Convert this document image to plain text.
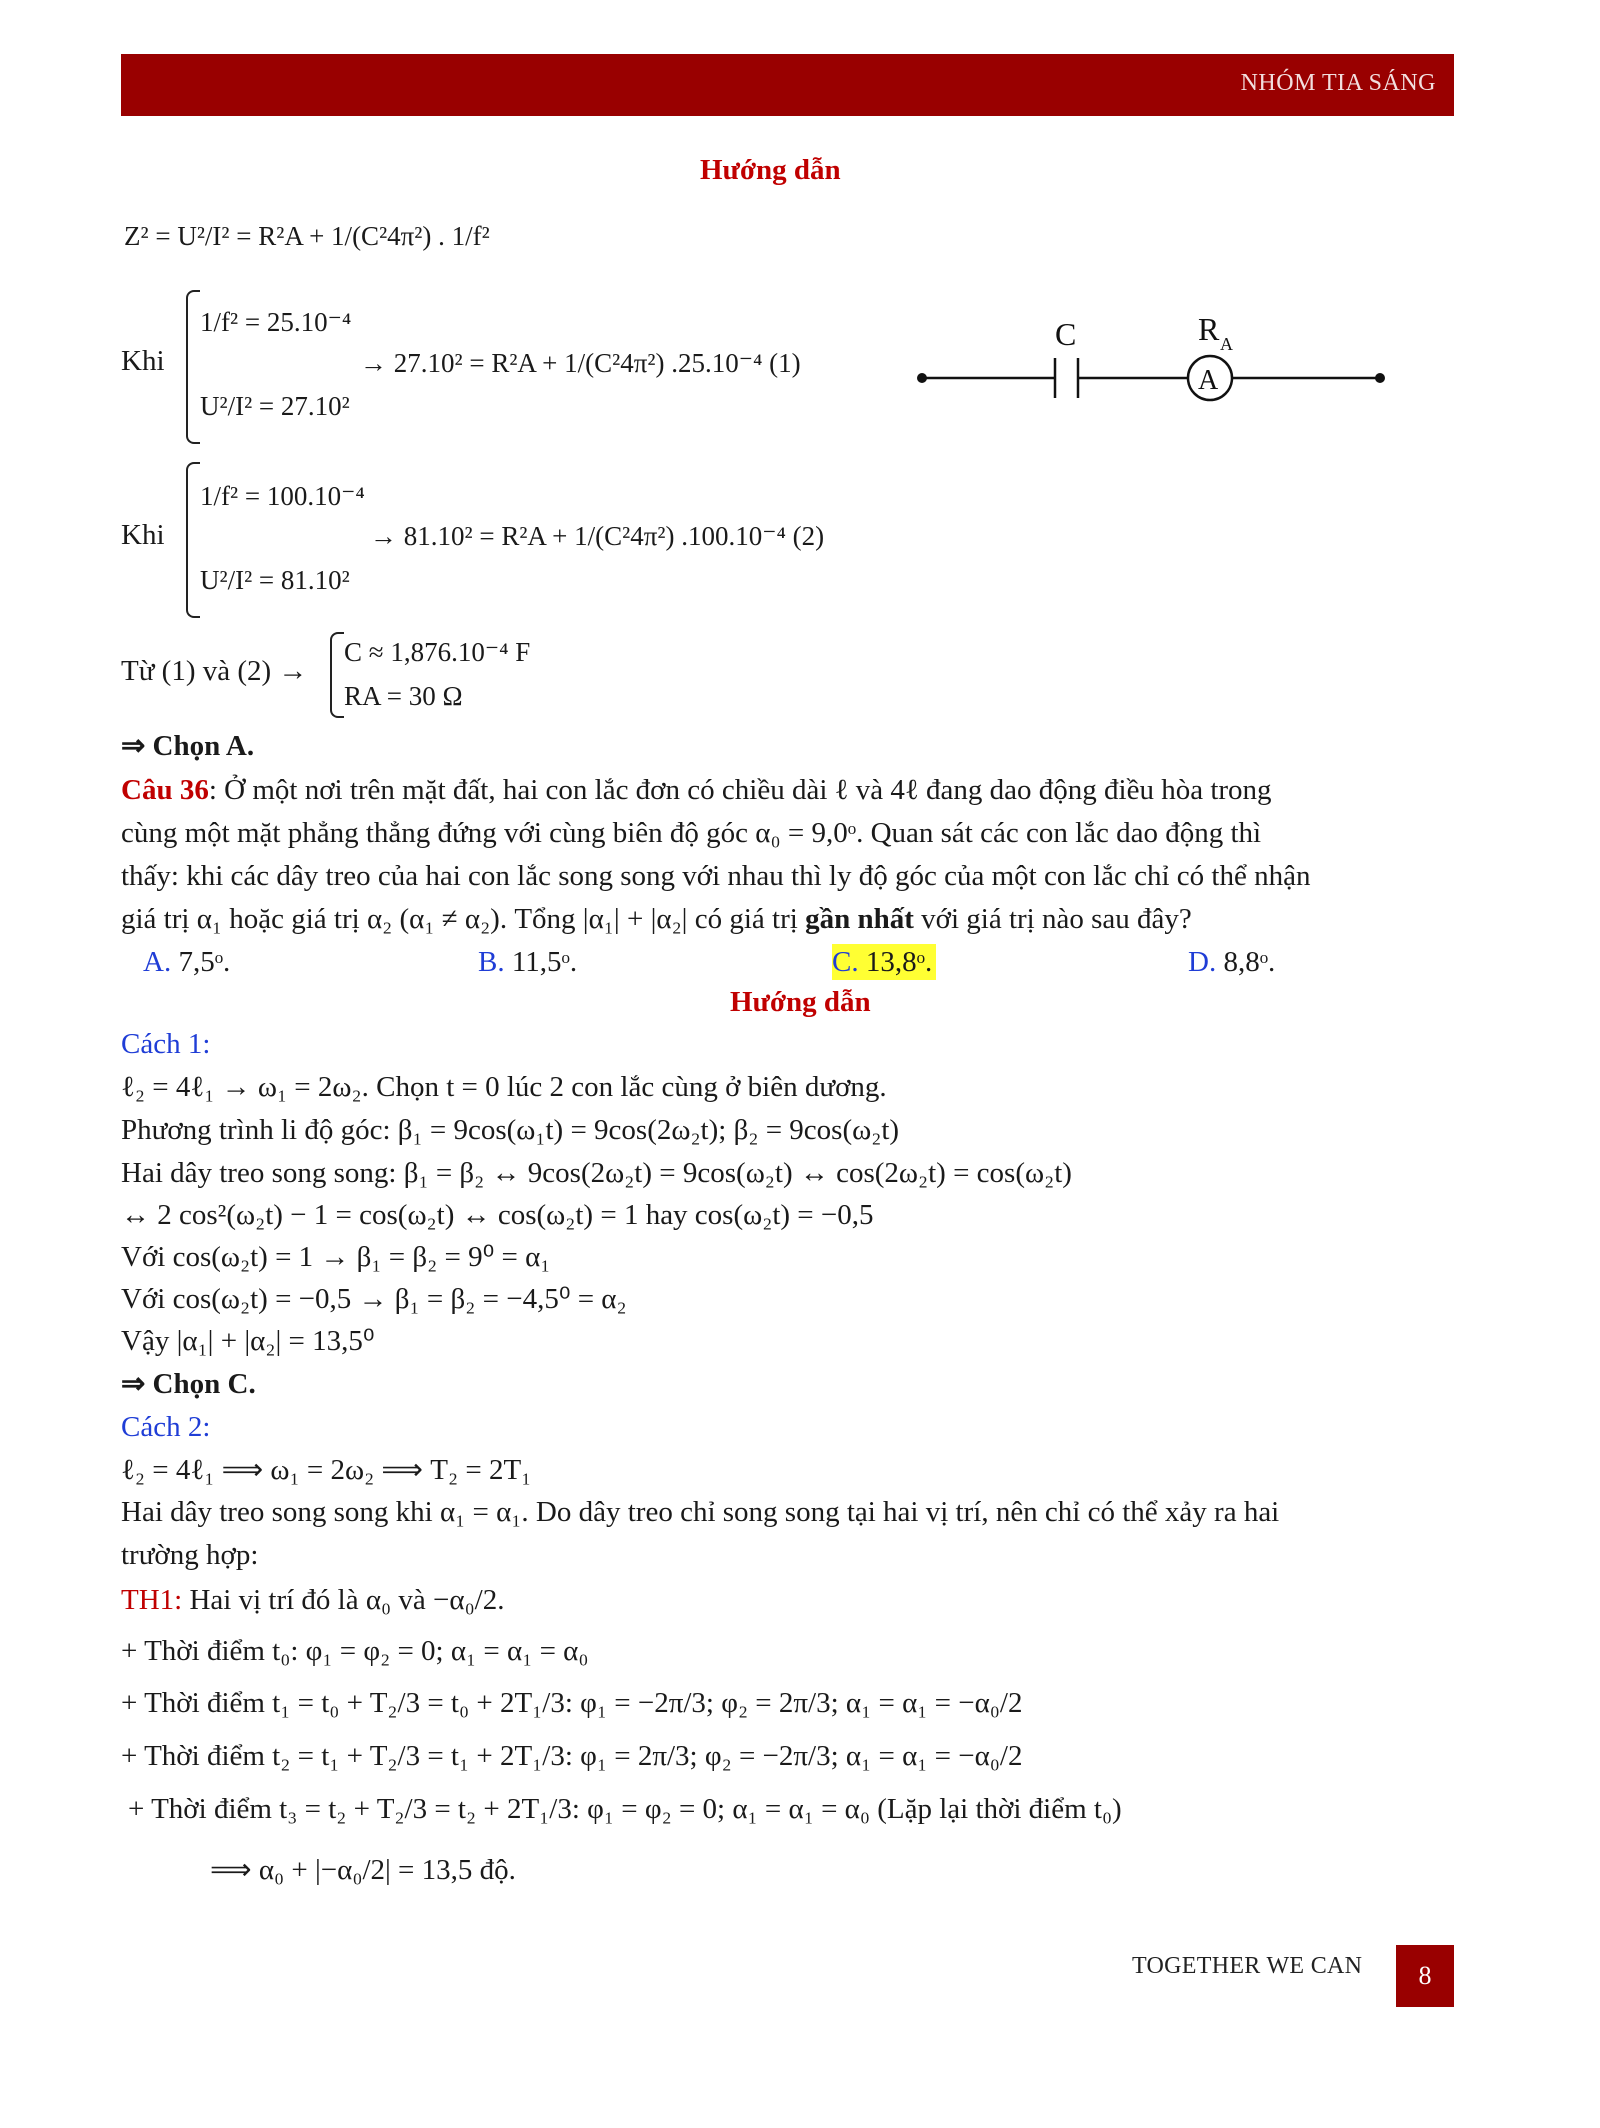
NHÓM TIA SÁNG
Hướng dẫn
Z² = U²/I² = R²A + 1/(C²4π²) . 1/f²
Khi
1/f² = 25.10⁻⁴
U²/I² = 27.10²
→ 27.10² = R²A + 1/(C²4π²) .25.10⁻⁴ (1)
C	R A
A
Khi
1/f² = 100.10⁻⁴
U²/I² = 81.10²
→ 81.10² = R²A + 1/(C²4π²) .100.10⁻⁴ (2)
Từ (1) và (2) →
C ≈ 1,876.10⁻⁴ F
RA = 30 Ω
⇒ Chọn A.
Câu 36: Ở một nơi trên mặt đất, hai con lắc đơn có chiều dài ℓ và 4ℓ đang dao động điều hòa trong
cùng một mặt phẳng thẳng đứng với cùng biên độ góc α₀ = 9,0ᵒ. Quan sát các con lắc dao động thì
thấy: khi các dây treo của hai con lắc song song với nhau thì ly độ góc của một con lắc chỉ có thể nhận
giá trị α₁ hoặc giá trị α₂ (α₁ ≠ α₂). Tổng |α₁| + |α₂| có giá trị gần nhất với giá trị nào sau đây?
A. 7,5ᵒ.	B. 11,5ᵒ.	C. 13,8ᵒ.	D. 8,8ᵒ.
Hướng dẫn
Cách 1:
ℓ₂ = 4ℓ₁ → ω₁ = 2ω₂. Chọn t = 0 lúc 2 con lắc cùng ở biên dương.
Phương trình li độ góc: β₁ = 9cos(ω₁t) = 9cos(2ω₂t); β₂ = 9cos(ω₂t)
Hai dây treo song song: β₁ = β₂ ↔ 9cos(2ω₂t) = 9cos(ω₂t) ↔ cos(2ω₂t) = cos(ω₂t)
↔ 2 cos²(ω₂t) − 1 = cos(ω₂t) ↔ cos(ω₂t) = 1 hay cos(ω₂t) = −0,5
Với cos(ω₂t) = 1 → β₁ = β₂ = 9⁰ = α₁
Với cos(ω₂t) = −0,5 → β₁ = β₂ = −4,5⁰ = α₂
Vậy |α₁| + |α₂| = 13,5⁰
⇒ Chọn C.
Cách 2:
ℓ₂ = 4ℓ₁ ⟹ ω₁ = 2ω₂ ⟹ T₂ = 2T₁
Hai dây treo song song khi α₁ = α₁. Do dây treo chỉ song song tại hai vị trí, nên chỉ có thể xảy ra hai
trường hợp:
TH1: Hai vị trí đó là α₀ và −α₀/2.
+ Thời điểm t₀: φ₁ = φ₂ = 0; α₁ = α₁ = α₀
+ Thời điểm t₁ = t₀ + T₂/3 = t₀ + 2T₁/3: φ₁ = −2π/3; φ₂ = 2π/3; α₁ = α₁ = −α₀/2
+ Thời điểm t₂ = t₁ + T₂/3 = t₁ + 2T₁/3: φ₁ = 2π/3; φ₂ = −2π/3; α₁ = α₁ = −α₀/2
+ Thời điểm t₃ = t₂ + T₂/3 = t₂ + 2T₁/3: φ₁ = φ₂ = 0; α₁ = α₁ = α₀ (Lặp lại thời điểm t₀)
⟹ α₀ + |−α₀/2| = 13,5 độ.
TOGETHER WE CAN	8
